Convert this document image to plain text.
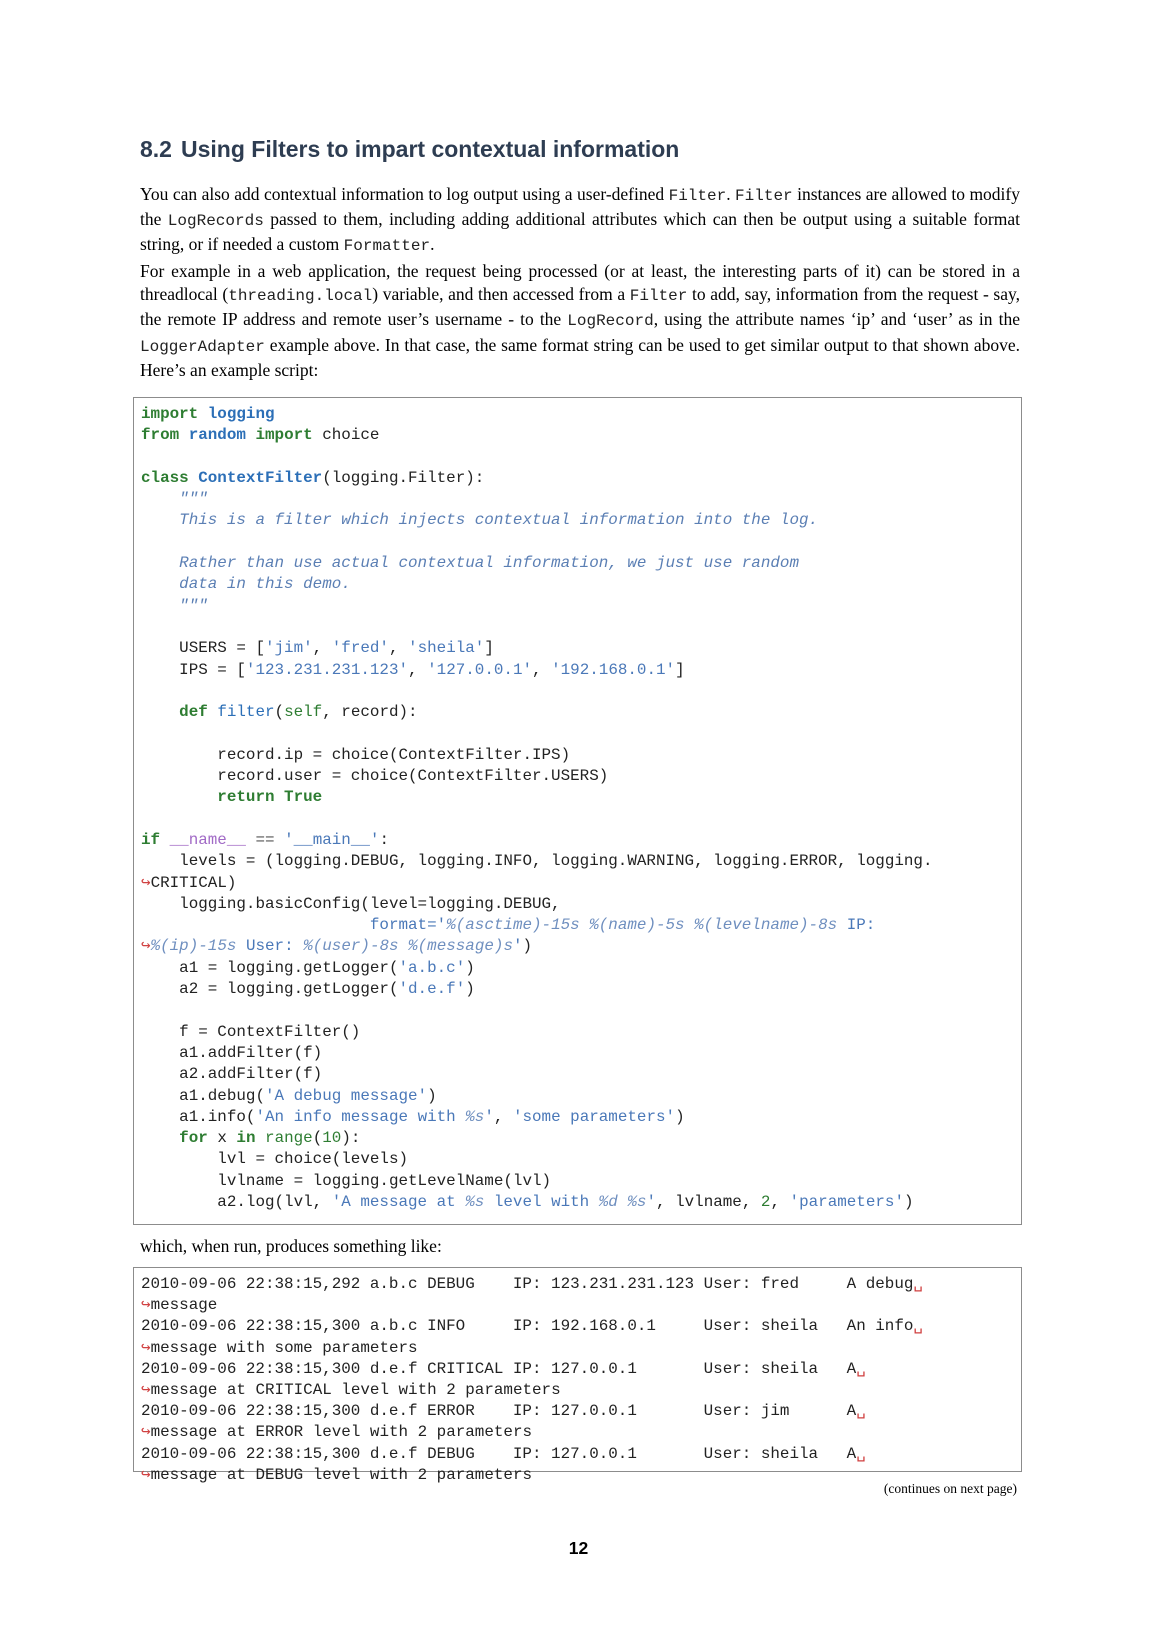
8.2 Using Filters to impart contextual information

You can also add contextual information to log output using a user-defined Filter. Filter instances are allowed to modify the LogRecords passed to them, including adding additional attributes which can then be output using a suitable format string, or if needed a custom Formatter.

For example in a web application, the request being processed (or at least, the interesting parts of it) can be stored in a threadlocal (threading.local) variable, and then accessed from a Filter to add, say, information from the request - say, the remote IP address and remote user’s username - to the LogRecord, using the attribute names ‘ip’ and ‘user’ as in the LoggerAdapter example above. In that case, the same format string can be used to get similar output to that shown above. Here’s an example script:

import logging
from random import choice

class ContextFilter(logging.Filter):
"""
This is a filter which injects contextual information into the log.

Rather than use actual contextual information, we just use random
data in this demo.
"""

USERS = ['jim', 'fred', 'sheila']
IPS = ['123.231.231.123', '127.0.0.1', '192.168.0.1']

def filter(self, record):

record.ip = choice(ContextFilter.IPS)
record.user = choice(ContextFilter.USERS)
return True

if __name__ == '__main__':
levels = (logging.DEBUG, logging.INFO, logging.WARNING, logging.ERROR, logging.
↪CRITICAL)
logging.basicConfig(level=logging.DEBUG,
format='%(asctime)-15s %(name)-5s %(levelname)-8s IP:
↪%(ip)-15s User: %(user)-8s %(message)s')
a1 = logging.getLogger('a.b.c')
a2 = logging.getLogger('d.e.f')

f = ContextFilter()
a1.addFilter(f)
a2.addFilter(f)
a1.debug('A debug message')
a1.info('An info message with %s', 'some parameters')
for x in range(10):
lvl = choice(levels)
lvlname = logging.getLevelName(lvl)
a2.log(lvl, 'A message at %s level with %d %s', lvlname, 2, 'parameters')

which, when run, produces something like:

2010-09-06 22:38:15,292 a.b.c DEBUG    IP: 123.231.231.123 User: fred     A debug␣
↪message
2010-09-06 22:38:15,300 a.b.c INFO     IP: 192.168.0.1     User: sheila   An info␣
↪message with some parameters
2010-09-06 22:38:15,300 d.e.f CRITICAL IP: 127.0.0.1       User: sheila   A␣
↪message at CRITICAL level with 2 parameters
2010-09-06 22:38:15,300 d.e.f ERROR    IP: 127.0.0.1       User: jim      A␣
↪message at ERROR level with 2 parameters
2010-09-06 22:38:15,300 d.e.f DEBUG    IP: 127.0.0.1       User: sheila   A␣
↪message at DEBUG level with 2 parameters
(continues on next page)
12
